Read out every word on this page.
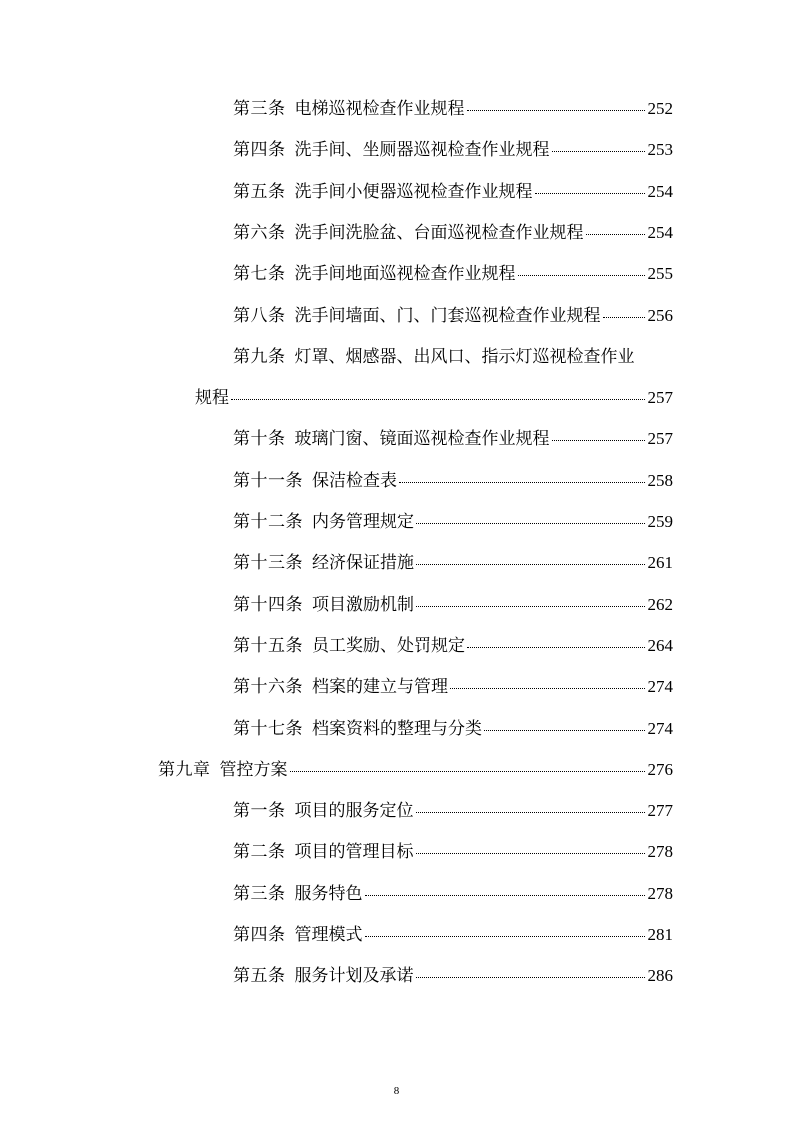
第三条 电梯巡视检查作业规程	252
第四条 洗手间、坐厕器巡视检查作业规程	253
第五条 洗手间小便器巡视检查作业规程	254
第六条 洗手间洗脸盆、台面巡视检查作业规程	254
第七条 洗手间地面巡视检查作业规程	255
第八条 洗手间墙面、门、门套巡视检查作业规程	256
第九条 灯罩、烟感器、出风口、指示灯巡视检查作业
规程	257
第十条 玻璃门窗、镜面巡视检查作业规程	257
第十一条 保洁检查表	258
第十二条 内务管理规定	259
第十三条 经济保证措施	261
第十四条 项目激励机制	262
第十五条 员工奖励、处罚规定	264
第十六条 档案的建立与管理	274
第十七条 档案资料的整理与分类	274
第九章 管控方案	276
第一条 项目的服务定位	277
第二条 项目的管理目标	278
第三条 服务特色	278
第四条 管理模式	281
第五条 服务计划及承诺	286
8
